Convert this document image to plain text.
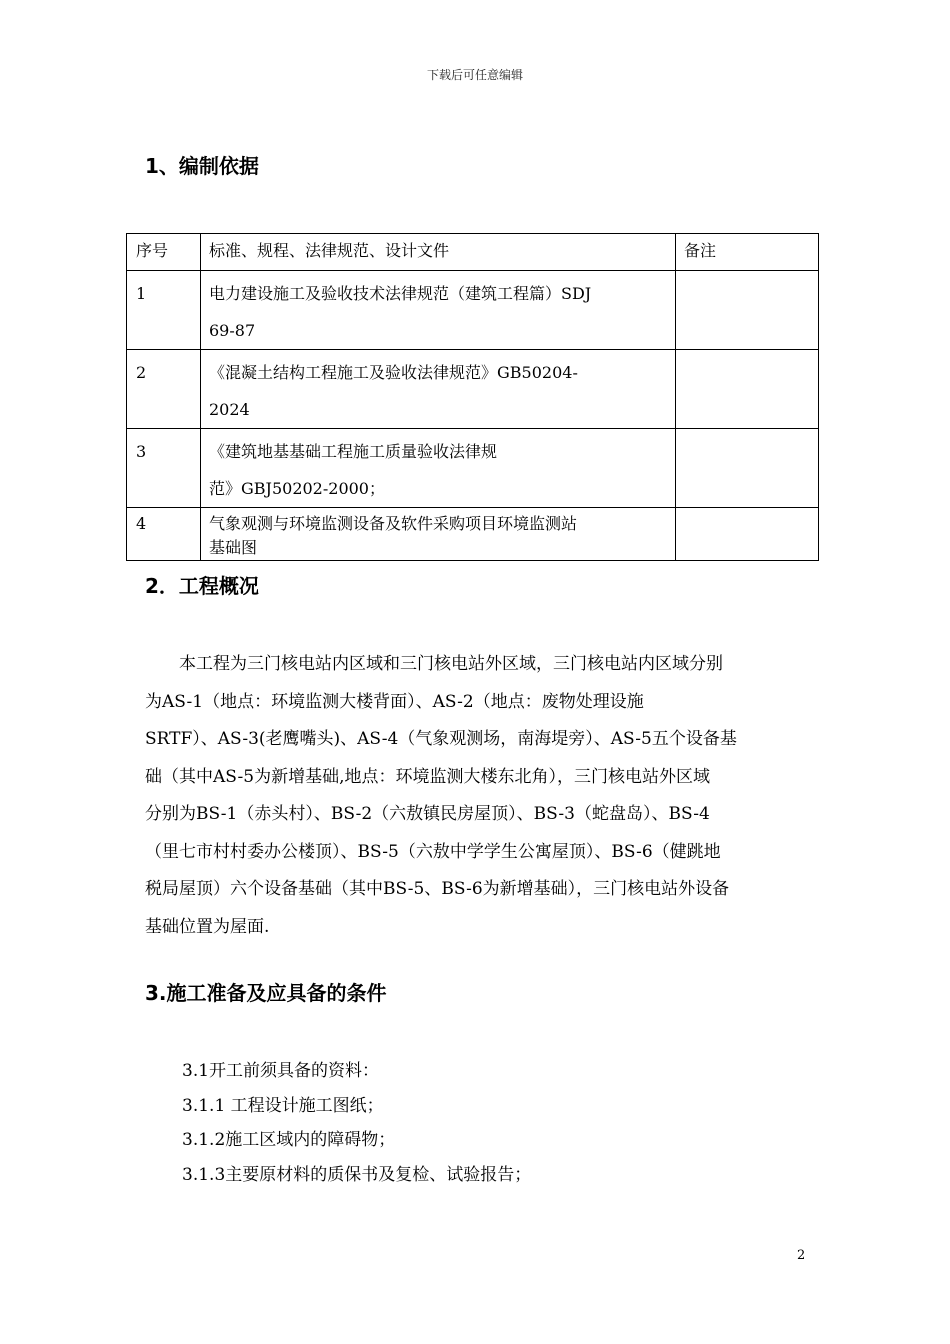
下载后可任意编辑
1、编制依据
序号	标准、规程、法律规范、设计文件	备注
1	电力建设施工及验收技术法律规范（建筑工程篇）SDJ
69-87	

2	《混凝土结构工程施工及验收法律规范》GB50204-
2024	

3	《建筑地基基础工程施工质量验收法律规
范》GBJ50202-2000；	

4	气象观测与环境监测设备及软件采购项目环境监测站
基础图	

2．工程概况
　　本工程为三门核电站内区域和三门核电站外区域，三门核电站内区域分别
为AS-1（地点：环境监测大楼背面）、AS-2（地点：废物处理设施
SRTF）、AS-3(老鹰嘴头)、AS-4（气象观测场，南海堤旁）、AS-5五个设备基
础（其中AS-5为新增基础,地点：环境监测大楼东北角），三门核电站外区域
分别为BS-1（赤头村）、BS-2（六敖镇民房屋顶）、BS-3（蛇盘岛）、BS-4
（里七市村村委办公楼顶）、BS-5（六敖中学学生公寓屋顶）、BS-6（健跳地
税局屋顶）六个设备基础（其中BS-5、BS-6为新增基础），三门核电站外设备
基础位置为屋面.
3.施工准备及应具备的条件
3.1开工前须具备的资料：
3.1.1 工程设计施工图纸；
3.1.2施工区域内的障碍物；
3.1.3主要原材料的质保书及复检、试验报告；
2
